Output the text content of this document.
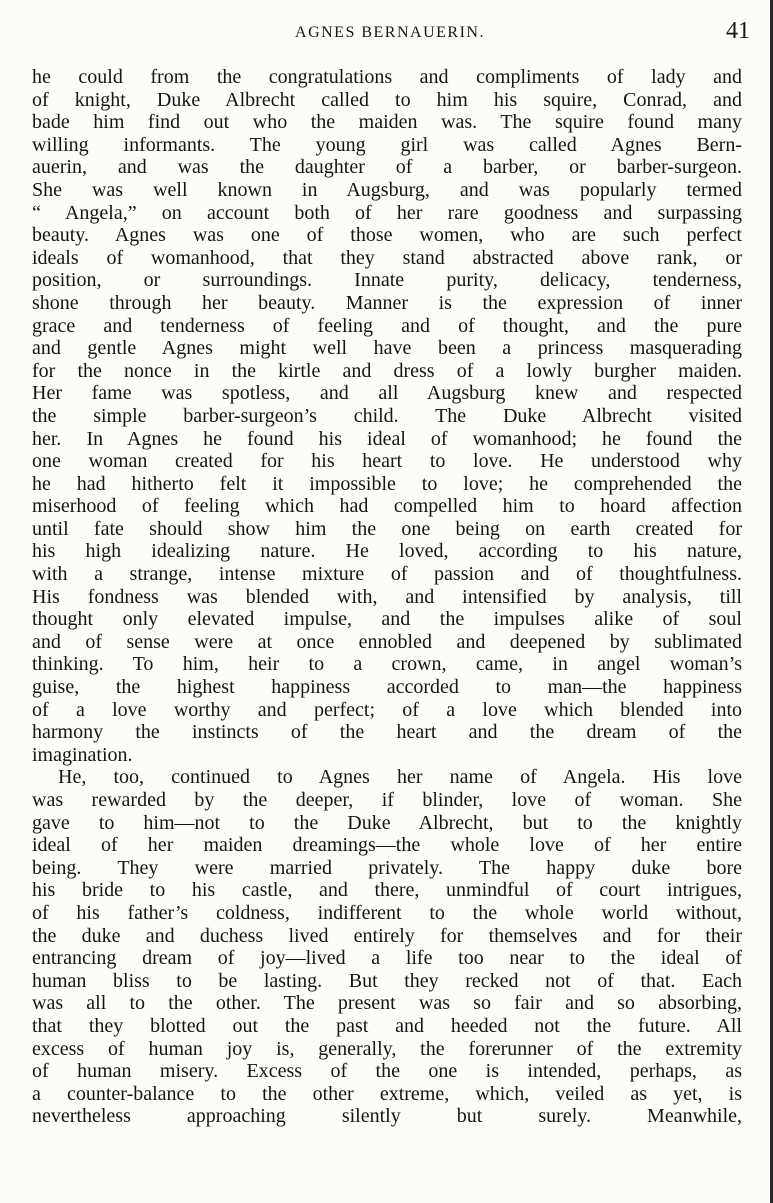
AGNES BERNAUERIN.	41
he could from the congratulations and compliments of lady and
of knight, Duke Albrecht called to him his squire, Conrad, and
bade him find out who the maiden was. The squire found many
willing informants. The young girl was called Agnes Bern-
auerin, and was the daughter of a barber, or barber-surgeon.
She was well known in Augsburg, and was popularly termed
“ Angela,” on account both of her rare goodness and surpassing
beauty. Agnes was one of those women, who are such perfect
ideals of womanhood, that they stand abstracted above rank, or
position, or surroundings. Innate purity, delicacy, tenderness,
shone through her beauty. Manner is the expression of inner
grace and tenderness of feeling and of thought, and the pure
and gentle Agnes might well have been a princess masquerading
for the nonce in the kirtle and dress of a lowly burgher maiden.
Her fame was spotless, and all Augsburg knew and respected
the simple barber-surgeon’s child. The Duke Albrecht visited
her. In Agnes he found his ideal of womanhood; he found the
one woman created for his heart to love. He understood why
he had hitherto felt it impossible to love; he comprehended the
miserhood of feeling which had compelled him to hoard affection
until fate should show him the one being on earth created for
his high idealizing nature. He loved, according to his nature,
with a strange, intense mixture of passion and of thoughtfulness.
His fondness was blended with, and intensified by analysis, till
thought only elevated impulse, and the impulses alike of soul
and of sense were at once ennobled and deepened by sublimated
thinking. To him, heir to a crown, came, in angel woman’s
guise, the highest happiness accorded to man—the happiness
of a love worthy and perfect; of a love which blended into
harmony the instincts of the heart and the dream of the
imagination.
He, too, continued to Agnes her name of Angela. His love
was rewarded by the deeper, if blinder, love of woman. She
gave to him—not to the Duke Albrecht, but to the knightly
ideal of her maiden dreamings—the whole love of her entire
being. They were married privately. The happy duke bore
his bride to his castle, and there, unmindful of court intrigues,
of his father’s coldness, indifferent to the whole world without,
the duke and duchess lived entirely for themselves and for their
entrancing dream of joy—lived a life too near to the ideal of
human bliss to be lasting. But they recked not of that. Each
was all to the other. The present was so fair and so absorbing,
that they blotted out the past and heeded not the future. All
excess of human joy is, generally, the forerunner of the extremity
of human misery. Excess of the one is intended, perhaps, as
a counter-balance to the other extreme, which, veiled as yet, is
nevertheless approaching silently but surely. Meanwhile,
